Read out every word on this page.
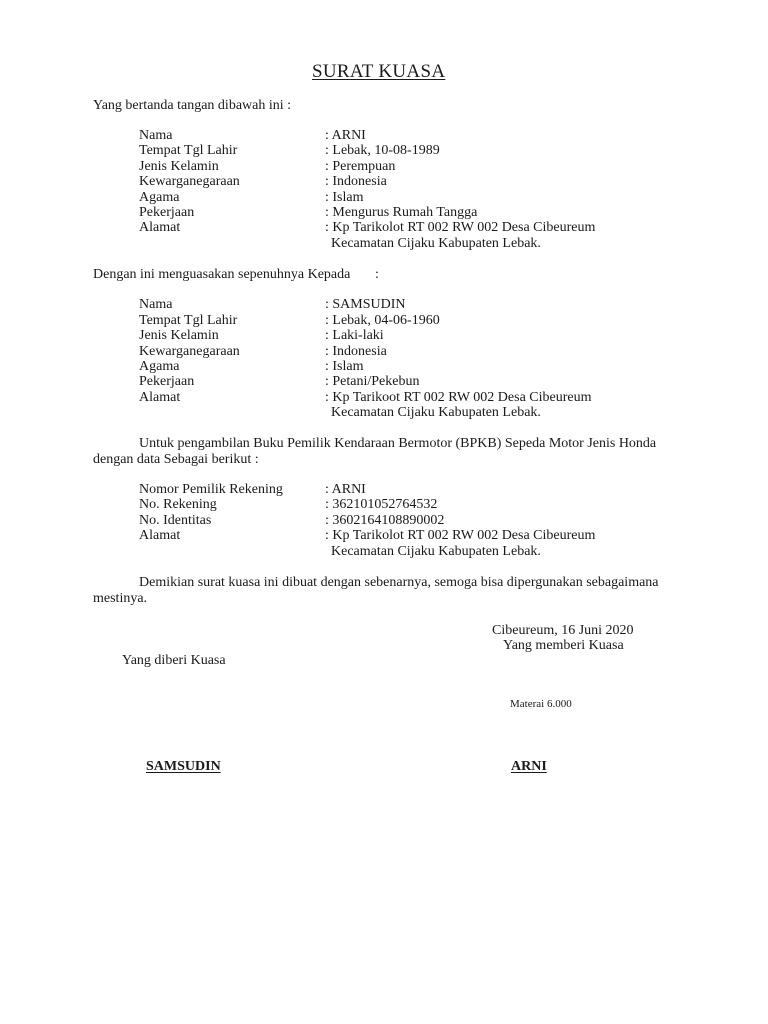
SURAT KUASA
Yang bertanda tangan dibawah ini :
Nama	: ARNI
Tempat Tgl Lahir	: Lebak, 10-08-1989
Jenis Kelamin	: Perempuan
Kewarganegaraan	: Indonesia
Agama	: Islam
Pekerjaan	: Mengurus Rumah Tangga
Alamat	: Kp Tarikolot RT 002 RW 002 Desa Cibeureum
Kecamatan Cijaku Kabupaten Lebak.
Dengan ini menguasakan sepenuhnya Kepada :
Nama	: SAMSUDIN
Tempat Tgl Lahir	: Lebak, 04-06-1960
Jenis Kelamin	: Laki-laki
Kewarganegaraan	: Indonesia
Agama	: Islam
Pekerjaan	: Petani/Pekebun
Alamat	: Kp Tarikoot RT 002 RW 002 Desa Cibeureum
Kecamatan Cijaku Kabupaten Lebak.
Untuk pengambilan Buku Pemilik Kendaraan Bermotor (BPKB) Sepeda Motor Jenis Honda
dengan data Sebagai berikut :
Nomor Pemilik Rekening	: ARNI
No. Rekening	: 362101052764532
No. Identitas	: 3602164108890002
Alamat	: Kp Tarikolot RT 002 RW 002 Desa Cibeureum
Kecamatan Cijaku Kabupaten Lebak.
Demikian surat kuasa ini dibuat dengan sebenarnya, semoga bisa dipergunakan sebagaimana
mestinya.
Cibeureum, 16 Juni 2020
Yang memberi Kuasa
Yang diberi Kuasa
Materai 6.000
SAMSUDIN	ARNI
